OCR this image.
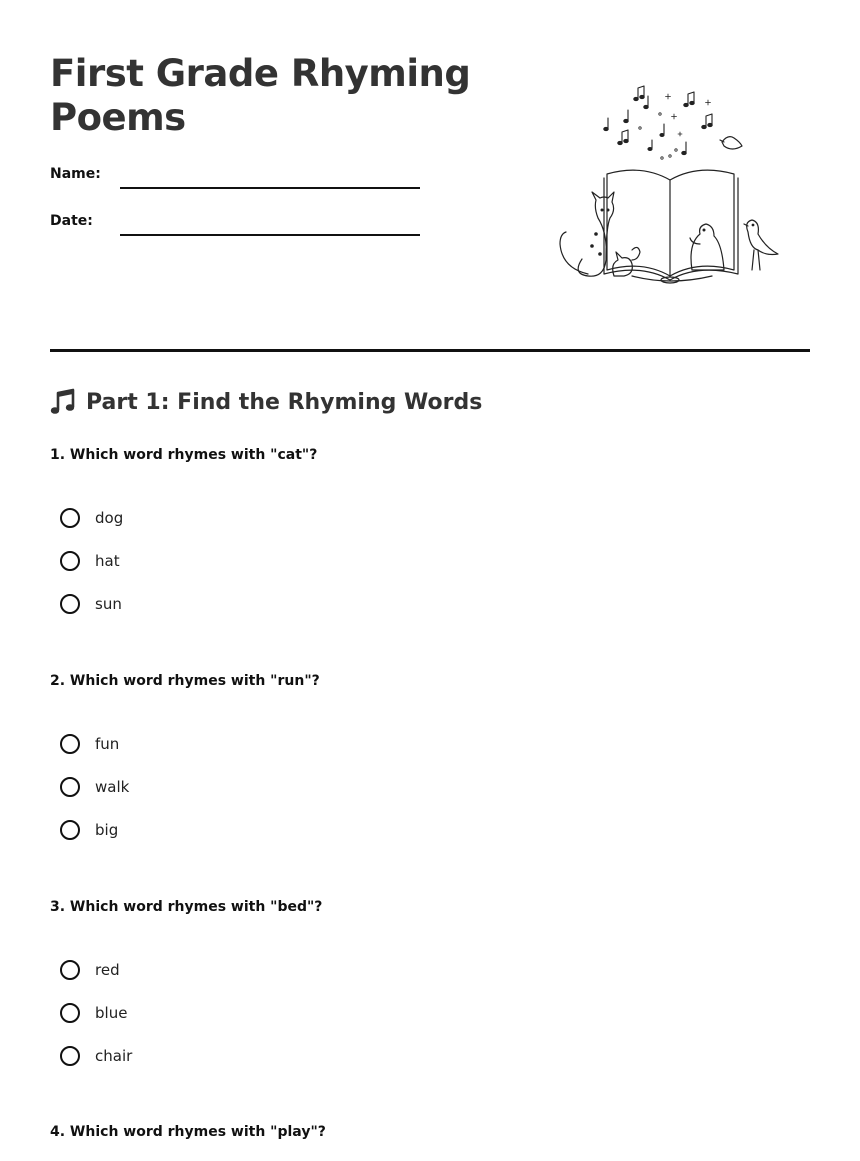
First Grade Rhyming Poems
Name:
Date:
Part 1: Find the Rhyming Words

1. Which word rhymes with "cat"?

dog
hat
sun

2. Which word rhymes with "run"?

fun
walk
big

3. Which word rhymes with "bed"?

red
blue
chair

4. Which word rhymes with "play"?
